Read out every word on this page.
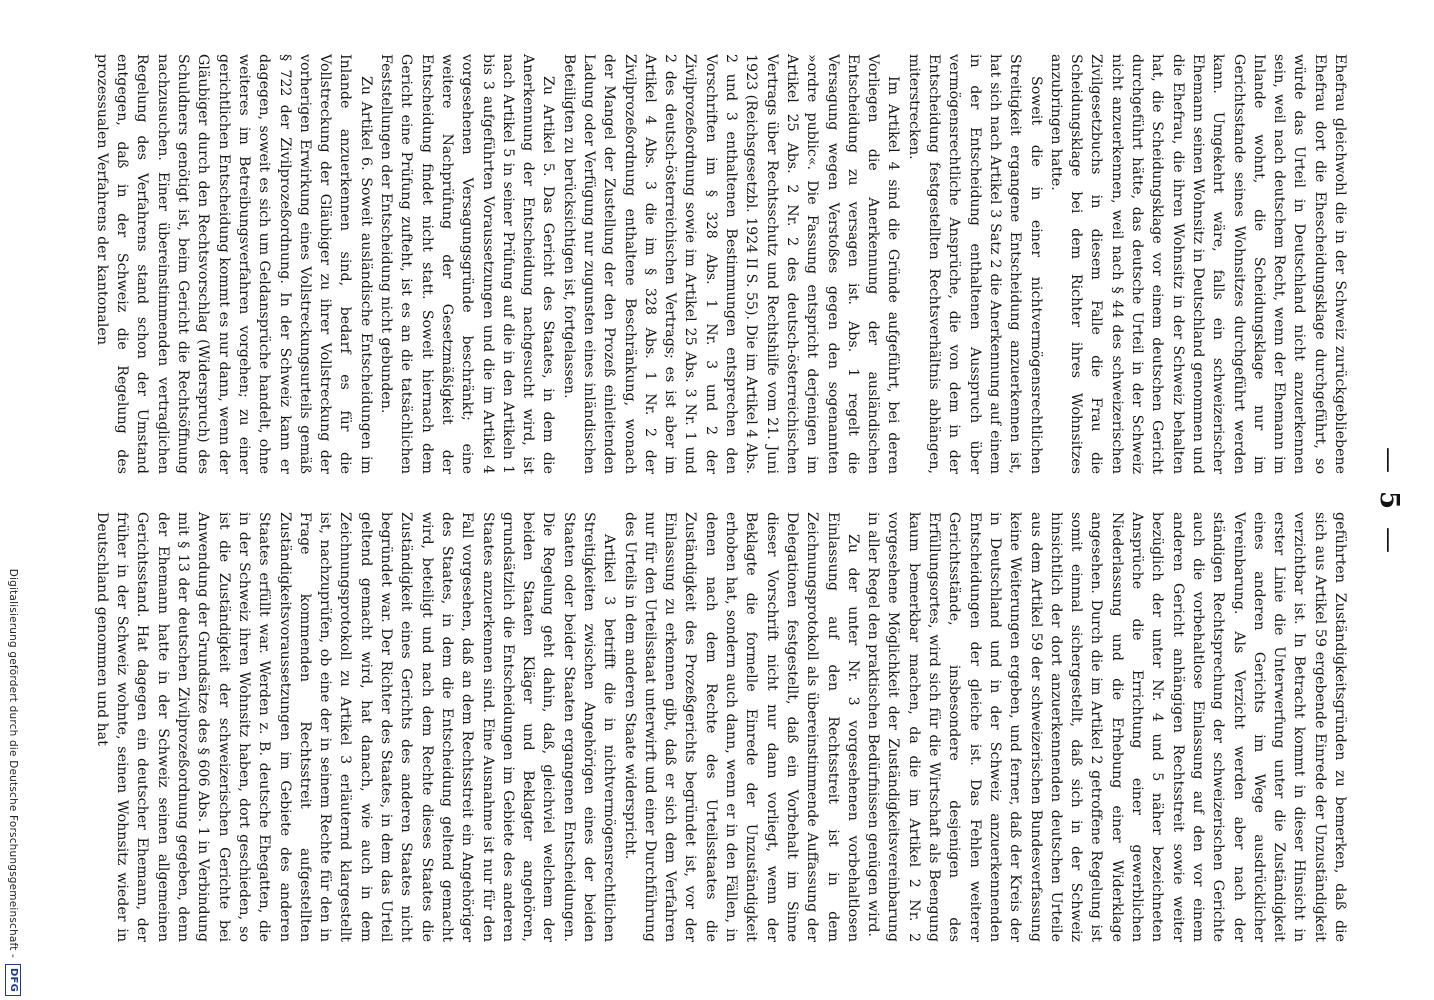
—5—

Ehefrau gleichwohl die in der Schweiz zurückgebliebene Ehefrau dort die Ehescheidungsklage durchgeführt, so würde das Urteil in Deutschland nicht anzuerkennen sein, weil nach deutschem Recht, wenn der Ehemann im Inlande wohnt, die Scheidungsklage nur im Gerichtsstande seines Wohnsitzes durchgeführt werden kann. Umgekehrt wäre, falls ein schweizerischer Ehemann seinen Wohnsitz in Deutschland genommen und die Ehefrau, die ihren Wohnsitz in der Schweiz behalten hat, die Scheidungsklage vor einem deutschen Gericht durchgeführt hätte, das deutsche Urteil in der Schweiz nicht anzuerkennen, weil nach § 44 des schweizerischen Zivilgesetzbuchs in diesem Falle die Frau die Scheidungsklage bei dem Richter ihres Wohnsitzes anzubringen hatte.

Soweit die in einer nichtvermögensrechtlichen Streitigkeit ergangene Entscheidung anzuerkennen ist, hat sich nach Artikel 3 Satz 2 die Anerkennung auf einem in der Entscheidung enthaltenen Ausspruch über vermögensrechtliche Ansprüche, die von dem in der Entscheidung festgestellten Rechtsverhältnis abhängen, miterstrecken.

Im Artikel 4 sind die Gründe aufgeführt, bei deren Vorliegen die Anerkennung der ausländischen Entscheidung zu versagen ist. Abs. 1 regelt die Versagung wegen Verstoßes gegen den sogenannten »ordre public«. Die Fassung entspricht derjenigen im Artikel 25 Abs. 2 Nr. 2 des deutsch-österreichischen Vertrags über Rechtsschutz und Rechtshilfe vom 21. Juni 1923 (Reichsgesetzbl. 1924 II S. 55). Die im Artikel 4 Abs. 2 und 3 enthaltenen Bestimmungen entsprechen den Vorschriften im § 328 Abs. 1 Nr. 3 und 2 der Zivilprozeßordnung sowie im Artikel 25 Abs. 3 Nr. 1 und 2 des deutsch-österreichischen Vertrags; es ist aber im Artikel 4 Abs. 3 die im § 328 Abs. 1 Nr. 2 der Zivilprozeßordnung enthaltene Beschränkung, wonach der Mangel der Zustellung der den Prozeß einleitenden Ladung oder Verfügung nur zugunsten eines inländischen Beteiligten zu berücksichtigen ist, fortgelassen.

Zu Artikel 5. Das Gericht des Staates, in dem die Anerkennung der Entscheidung nachgesucht wird, ist nach Artikel 5 in seiner Prüfung auf die in den Artikeln 1 bis 3 aufgeführten Voraussetzungen und die im Artikel 4 vorgesehenen Versagungsgründe beschränkt; eine weitere Nachprüfung der Gesetzmäßigkeit der Entscheidung findet nicht statt. Soweit hiernach dem Gericht eine Prüfung zufteht, ist es an die tatsächlichen Feststellungen der Entscheidung nicht gebunden.

Zu Artikel 6. Soweit ausländische Entscheidungen im Inlande anzuerkennen sind, bedarf es für die Vollstreckung der Gläubiger zu ihrer Vollstreckung der vorherigen Erwirkung eines Vollstreckungsurteils gemäß § 722 der Zivilprozeßordnung. In der Schweiz kann er dagegen, soweit es sich um Geldansprüche handelt, ohne weiteres im Betreibungsverfahren vorgehen; zu einer gerichtlichen Entscheidung kommt es nur dann, wenn der Gläubiger durch den Rechtsvorschlag (Widerspruch) des Schuldners genötigt ist, beim Gericht die Rechtsöffnung nachzusuchen. Einer übereinstimmenden vertraglichen Regelung des Verfahrens stand schon der Umstand entgegen, daß in der Schweiz die Regelung des prozessualen Verfahrens der kantonalen

geführten Zuständigkeitsgründen zu bemerken, daß die sich aus Artikel 59 ergebende Einrede der Unzuständigkeit verzichtbar ist. In Betracht kommt in dieser Hinsicht in erster Linie die Unterwerfung unter die Zuständigkeit eines anderen Gerichts im Wege ausdrücklicher Vereinbarung. Als Verzicht werden aber nach der ständigen Rechtsprechung der schweizerischen Gerichte auch die vorbehaltlose Einlassung auf den vor einem anderen Gericht anhängigen Rechtsstreit sowie weiter bezüglich der unter Nr. 4 und 5 näher bezeichneten Ansprüche die Errichtung einer gewerblichen Niederlassung und die Erhebung einer Widerklage angesehen. Durch die im Artikel 2 getroffene Regelung ist somit einmal sichergestellt, daß sich in der Schweiz hinsichtlich der dort anzuerkennenden deutschen Urteile aus dem Artikel 59 der schweizerischen Bundesverfassung keine Weiterungen ergeben, und ferner, daß der Kreis der in Deutschland und in der Schweiz anzuerkennenden Entscheidungen der gleiche ist. Das Fehlen weiterer Gerichtsstände, insbesondere desjenigen des Erfüllungsortes, wird sich für die Wirtschaft als Beengung kaum bemerkbar machen, da die im Artikel 2 Nr. 2 vorgesehene Möglichkeit der Zuständigkeitsvereinbarung in aller Regel den praktischen Bedürfnissen genügen wird.

Zu der unter Nr. 3 vorgesehenen vorbehaltlosen Einlassung auf den Rechtsstreit ist in dem Zeichnungsprotokoll als übereinstimmende Auffassung der Delegationen festgestellt, daß ein Vorbehalt im Sinne dieser Vorschrift nicht nur dann vorliegt, wenn der Beklagte die formelle Einrede der Unzuständigkeit erhoben hat, sondern auch dann, wenn er in den Fällen, in denen nach dem Rechte des Urteilsstaates die Zuständigkeit des Prozeßgerichts begründet ist, vor der Einlassung zu erkennen gibt, daß er sich dem Verfahren nur für den Urteilsstaat unterwirft und einer Durchführung des Urteils in dem anderen Staate widerspricht.

Artikel 3 betrifft die in nichtvermögensrechtlichen Streitigkeiten zwischen Angehörigen eines der beiden Staaten oder beider Staaten ergangenen Entscheidungen. Die Regelung geht dahin, daß, gleichviel welchem der beiden Staaten Kläger und Beklagter angehören, grundsätzlich die Entscheidungen im Gebiete des anderen Staates anzuerkennen sind. Eine Ausnahme ist nur für den Fall vorgesehen, daß an dem Rechtsstreit ein Angehöriger des Staates, in dem die Entscheidung geltend gemacht wird, beteiligt und nach dem Rechte dieses Staates die Zuständigkeit eines Gerichts des anderen Staates nicht begründet war. Der Richter des Staates, in dem das Urteil geltend gemacht wird, hat danach, wie auch in dem Zeichnungsprotokoll zu Artikel 3 erläuternd klargestellt ist, nachzuprüfen, ob eine der in seinem Rechte für den in Frage kommenden Rechtsstreit aufgestellten Zuständigkeitsvoraussetzungen im Gebiete des anderen Staates erfüllt war. Werden z. B. deutsche Ehegatten, die in der Schweiz ihren Wohnsitz haben, dort geschieden, so ist die Zuständigkeit der schweizerischen Gerichte bei Anwendung der Grundsätze des § 606 Abs. 1 in Verbindung mit § 13 der deutschen Zivilprozeßordnung gegeben, denn der Ehemann hatte in der Schweiz seinen allgemeinen Gerichtsstand. Hat dagegen ein deutscher Ehemann, der früher in der Schweiz wohnte, seinen Wohnsitz wieder in Deutschland genommen und hat

Digitalisierung gefördert durch die Deutsche Forschungsgemeinschaft -
DFG
